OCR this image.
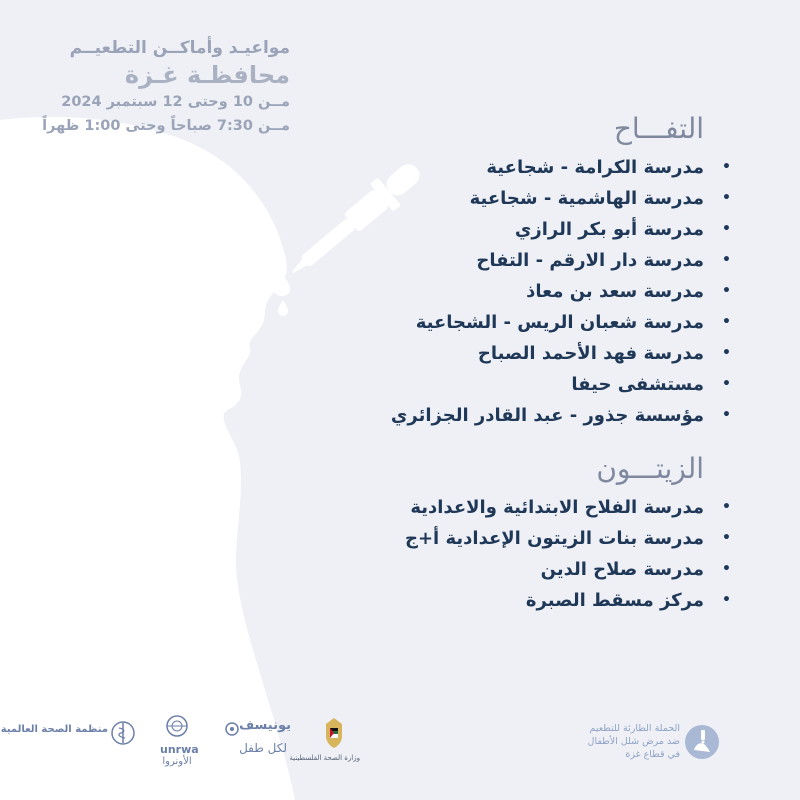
مواعيـد وأماكــن التطعيــم
محافظـة غـزة
مــن 10 وحتى 12 سبتمبر 2024
مــن 7:30 صباحاً وحتى 1:00 ظهراً	التفـــاح
•
مدرسة الكرامة - شجاعية
•
مدرسة الهاشمية - شجاعية
•
مدرسة أبو بكر الرازي
•
مدرسة دار الارقم - التفاح
•
مدرسة سعد بن معاذ
•
مدرسة شعبان الريس - الشجاعية
•
مدرسة فهد الأحمد الصباح
•
مستشفى حيفا
•
مؤسسة جذور - عبد القادر الجزائري
الزيتـــون
•
مدرسة الفلاح الابتدائية والاعدادية
•
مدرسة بنات الزيتون الإعدادية أ+ج
•
مدرسة صلاح الدين
•
مركز مسقط الصبرة
منظمة الصحة العالمية
unrwa
الأونروا
يونيسف
لكل طفل
وزارة الصحة الفلسطينية
الحملة الطارئة للتطعيم
ضد مرض شلل الأطفال
في قطاع غزة
